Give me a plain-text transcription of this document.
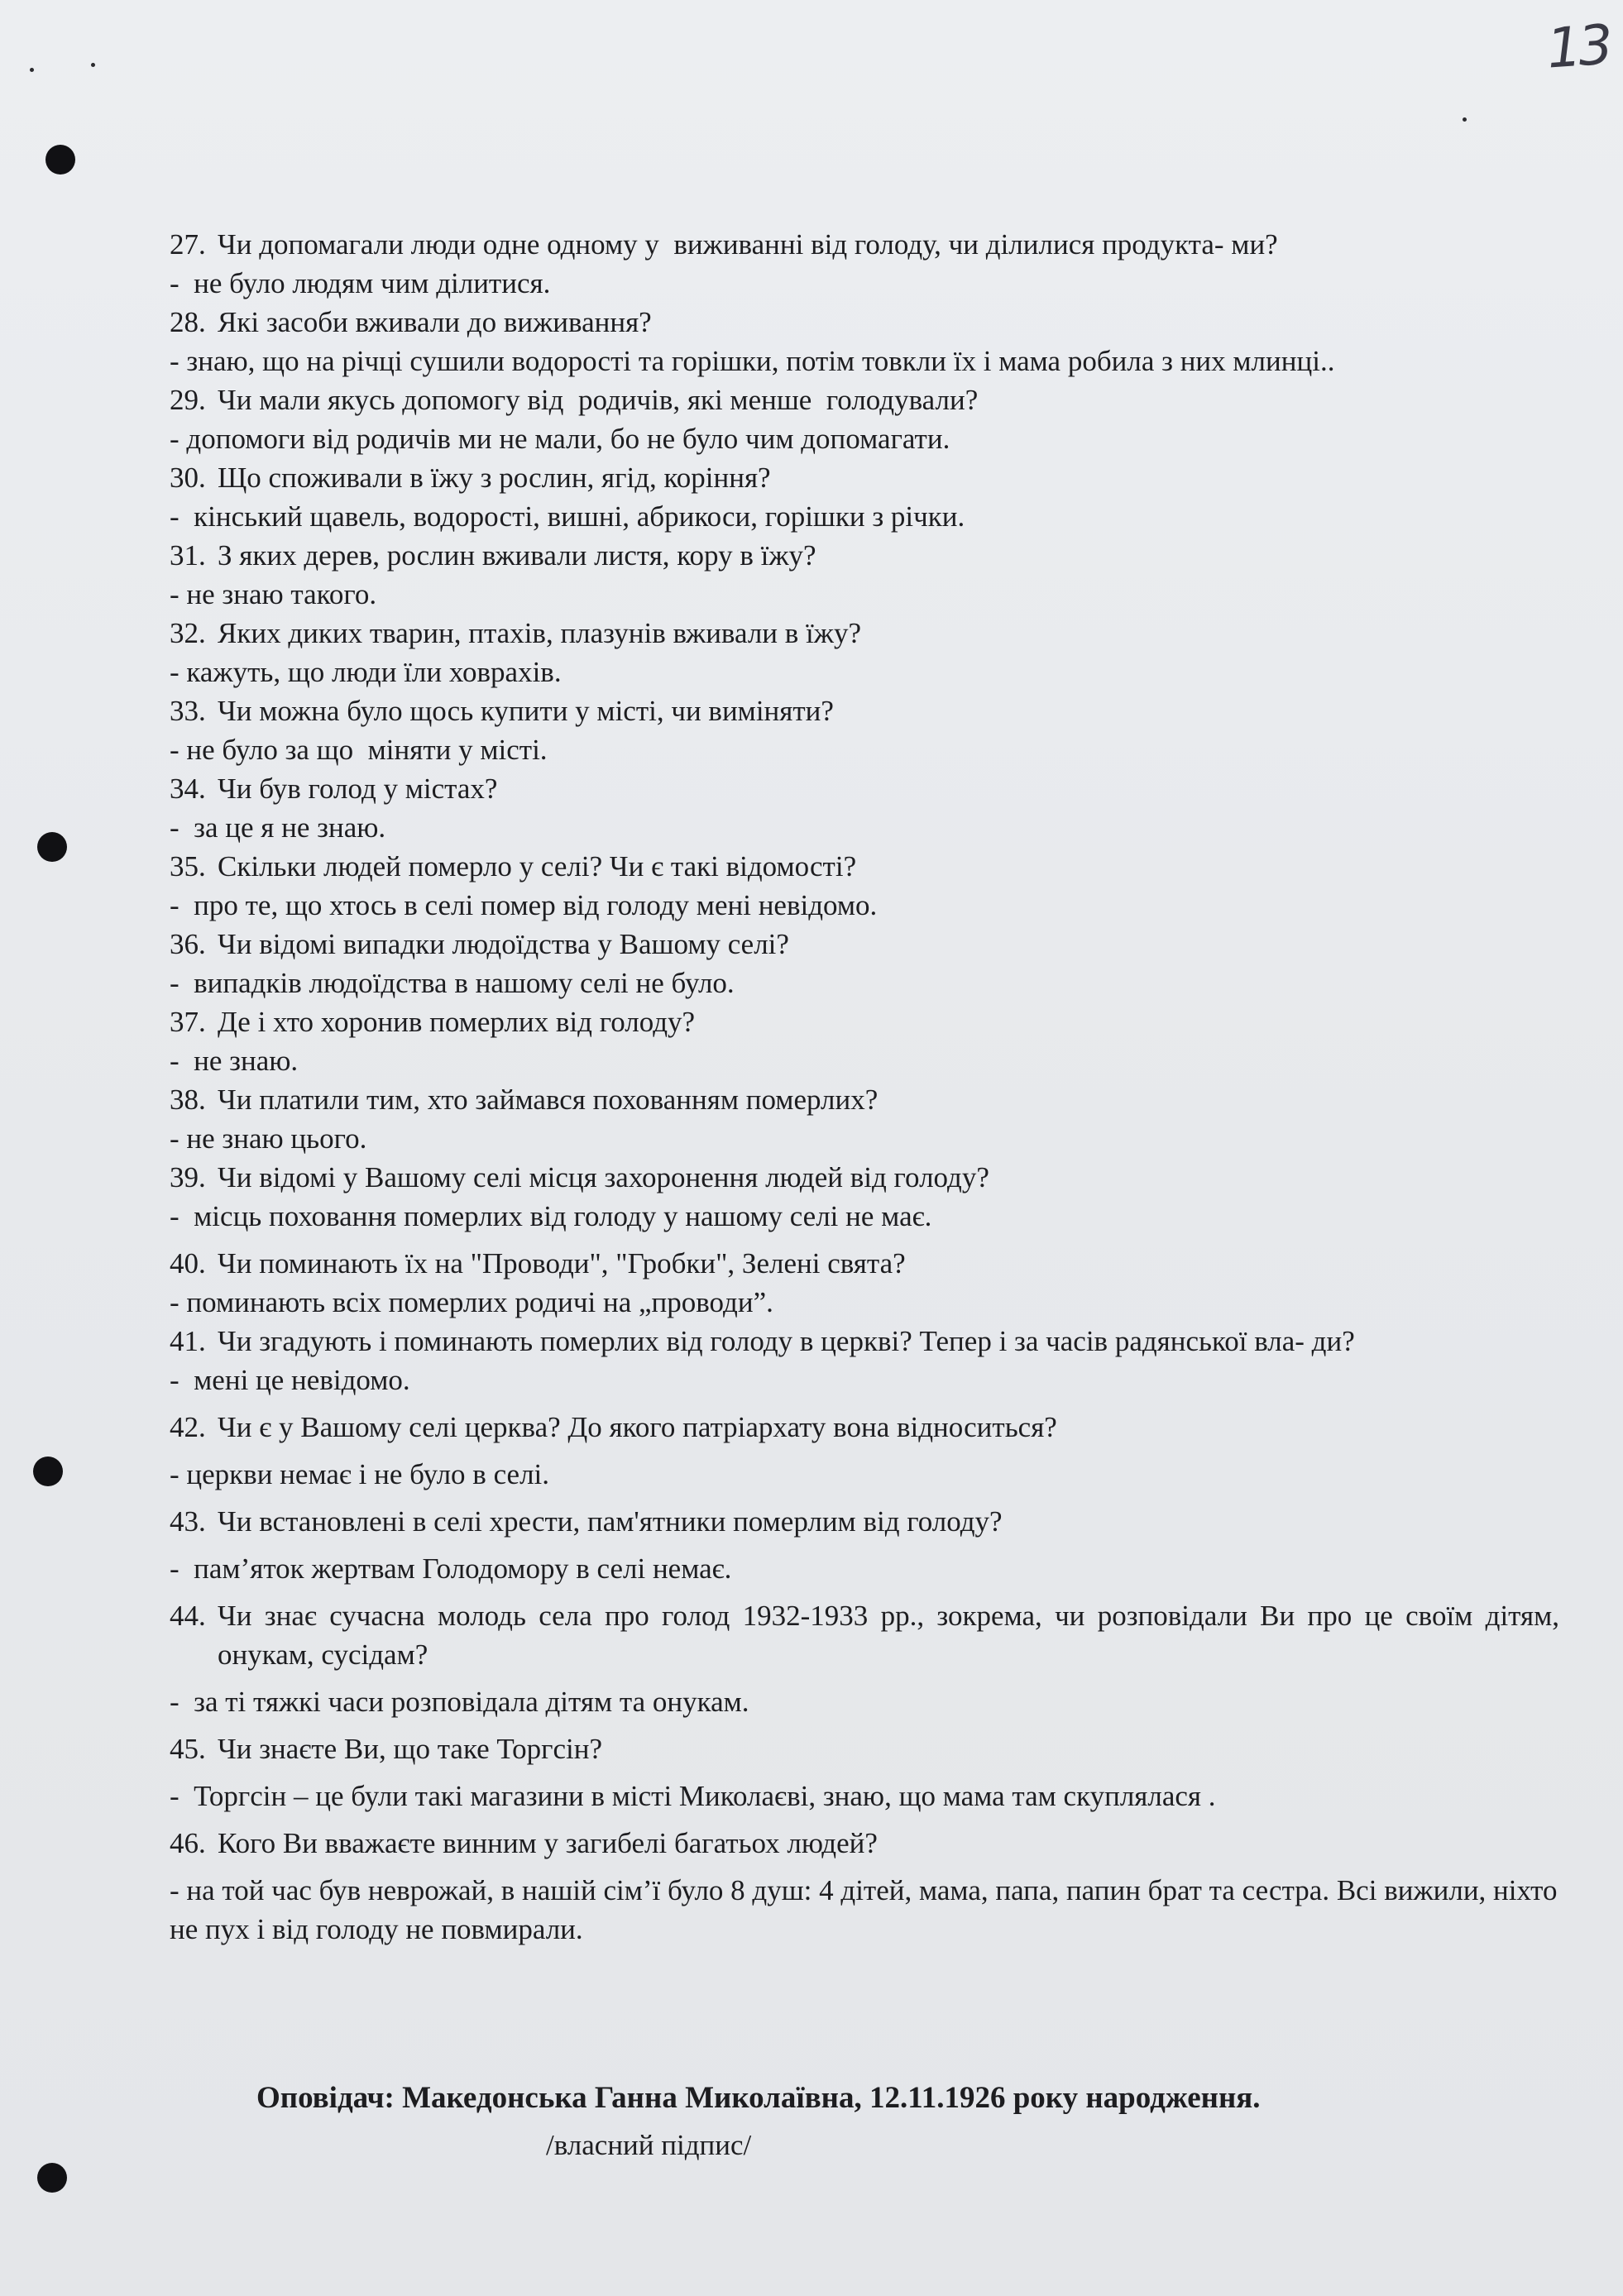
13
27. Чи допомагали люди одне одному у  виживанні від голоду, чи ділилися продукта- ми?
-  не було людям чим ділитися.
28. Які засоби вживали до виживання?
- знаю, що на річці сушили водорості та горішки, потім товкли їх і мама робила з них млинці..
29. Чи мали якусь допомогу від  родичів, які менше  голодували?
- допомоги від родичів ми не мали, бо не було чим допомагати.
30. Що споживали в їжу з рослин, ягід, коріння?
-  кінський щавель, водорості, вишні, абрикоси, горішки з річки.
31. З яких дерев, рослин вживали листя, кору в їжу?
- не знаю такого.
32. Яких диких тварин, птахів, плазунів вживали в їжу?
- кажуть, що люди їли ховрахів.
33. Чи можна було щось купити у місті, чи виміняти?
- не було за що  міняти у місті.
34. Чи був голод у містах?
-  за це я не знаю.
35. Скільки людей померло у селі? Чи є такі відомості?
-  про те, що хтось в селі помер від голоду мені невідомо.
36. Чи відомі випадки людоїдства у Вашому селі?
-  випадків людоїдства в нашому селі не було.
37. Де і хто хоронив померлих від голоду?
-  не знаю.
38. Чи платили тим, хто займався похованням померлих?
- не знаю цього.
39. Чи відомі у Вашому селі місця захоронення людей від голоду?
-  місць поховання померлих від голоду у нашому селі не має.
40. Чи поминають їх на "Проводи", "Гробки", Зелені свята?
- поминають всіх померлих родичі на „проводи”.
41. Чи згадують і поминають померлих від голоду в церкві? Тепер і за часів радянської вла- ди?
-  мені це невідомо.
42. Чи є у Вашому селі церква? До якого патріархату вона відноситься?
- церкви немає і не було в селі.
43. Чи встановлені в селі хрести, пам'ятники померлим від голоду?
-  пам’яток жертвам Голодомору в селі немає.
44. Чи знає сучасна молодь села про голод 1932-1933 рр., зокрема, чи розповідали Ви про це своїм дітям, онукам, сусідам?
-  за ті тяжкі часи розповідала дітям та онукам.
45. Чи знаєте Ви, що таке Торгсін?
-  Торгсін – це були такі магазини в місті Миколаєві, знаю, що мама там скуплялася .
46. Кого Ви вважаєте винним у загибелі багатьох людей?
- на той час був неврожай, в нашій сім’ї було 8 душ: 4 дітей, мама, папа, папин брат та сестра. Всі вижили, ніхто не пух і від голоду не повмирали.
Оповідач: Македонська Ганна Миколаївна, 12.11.1926 року народження.
/власний підпис/
